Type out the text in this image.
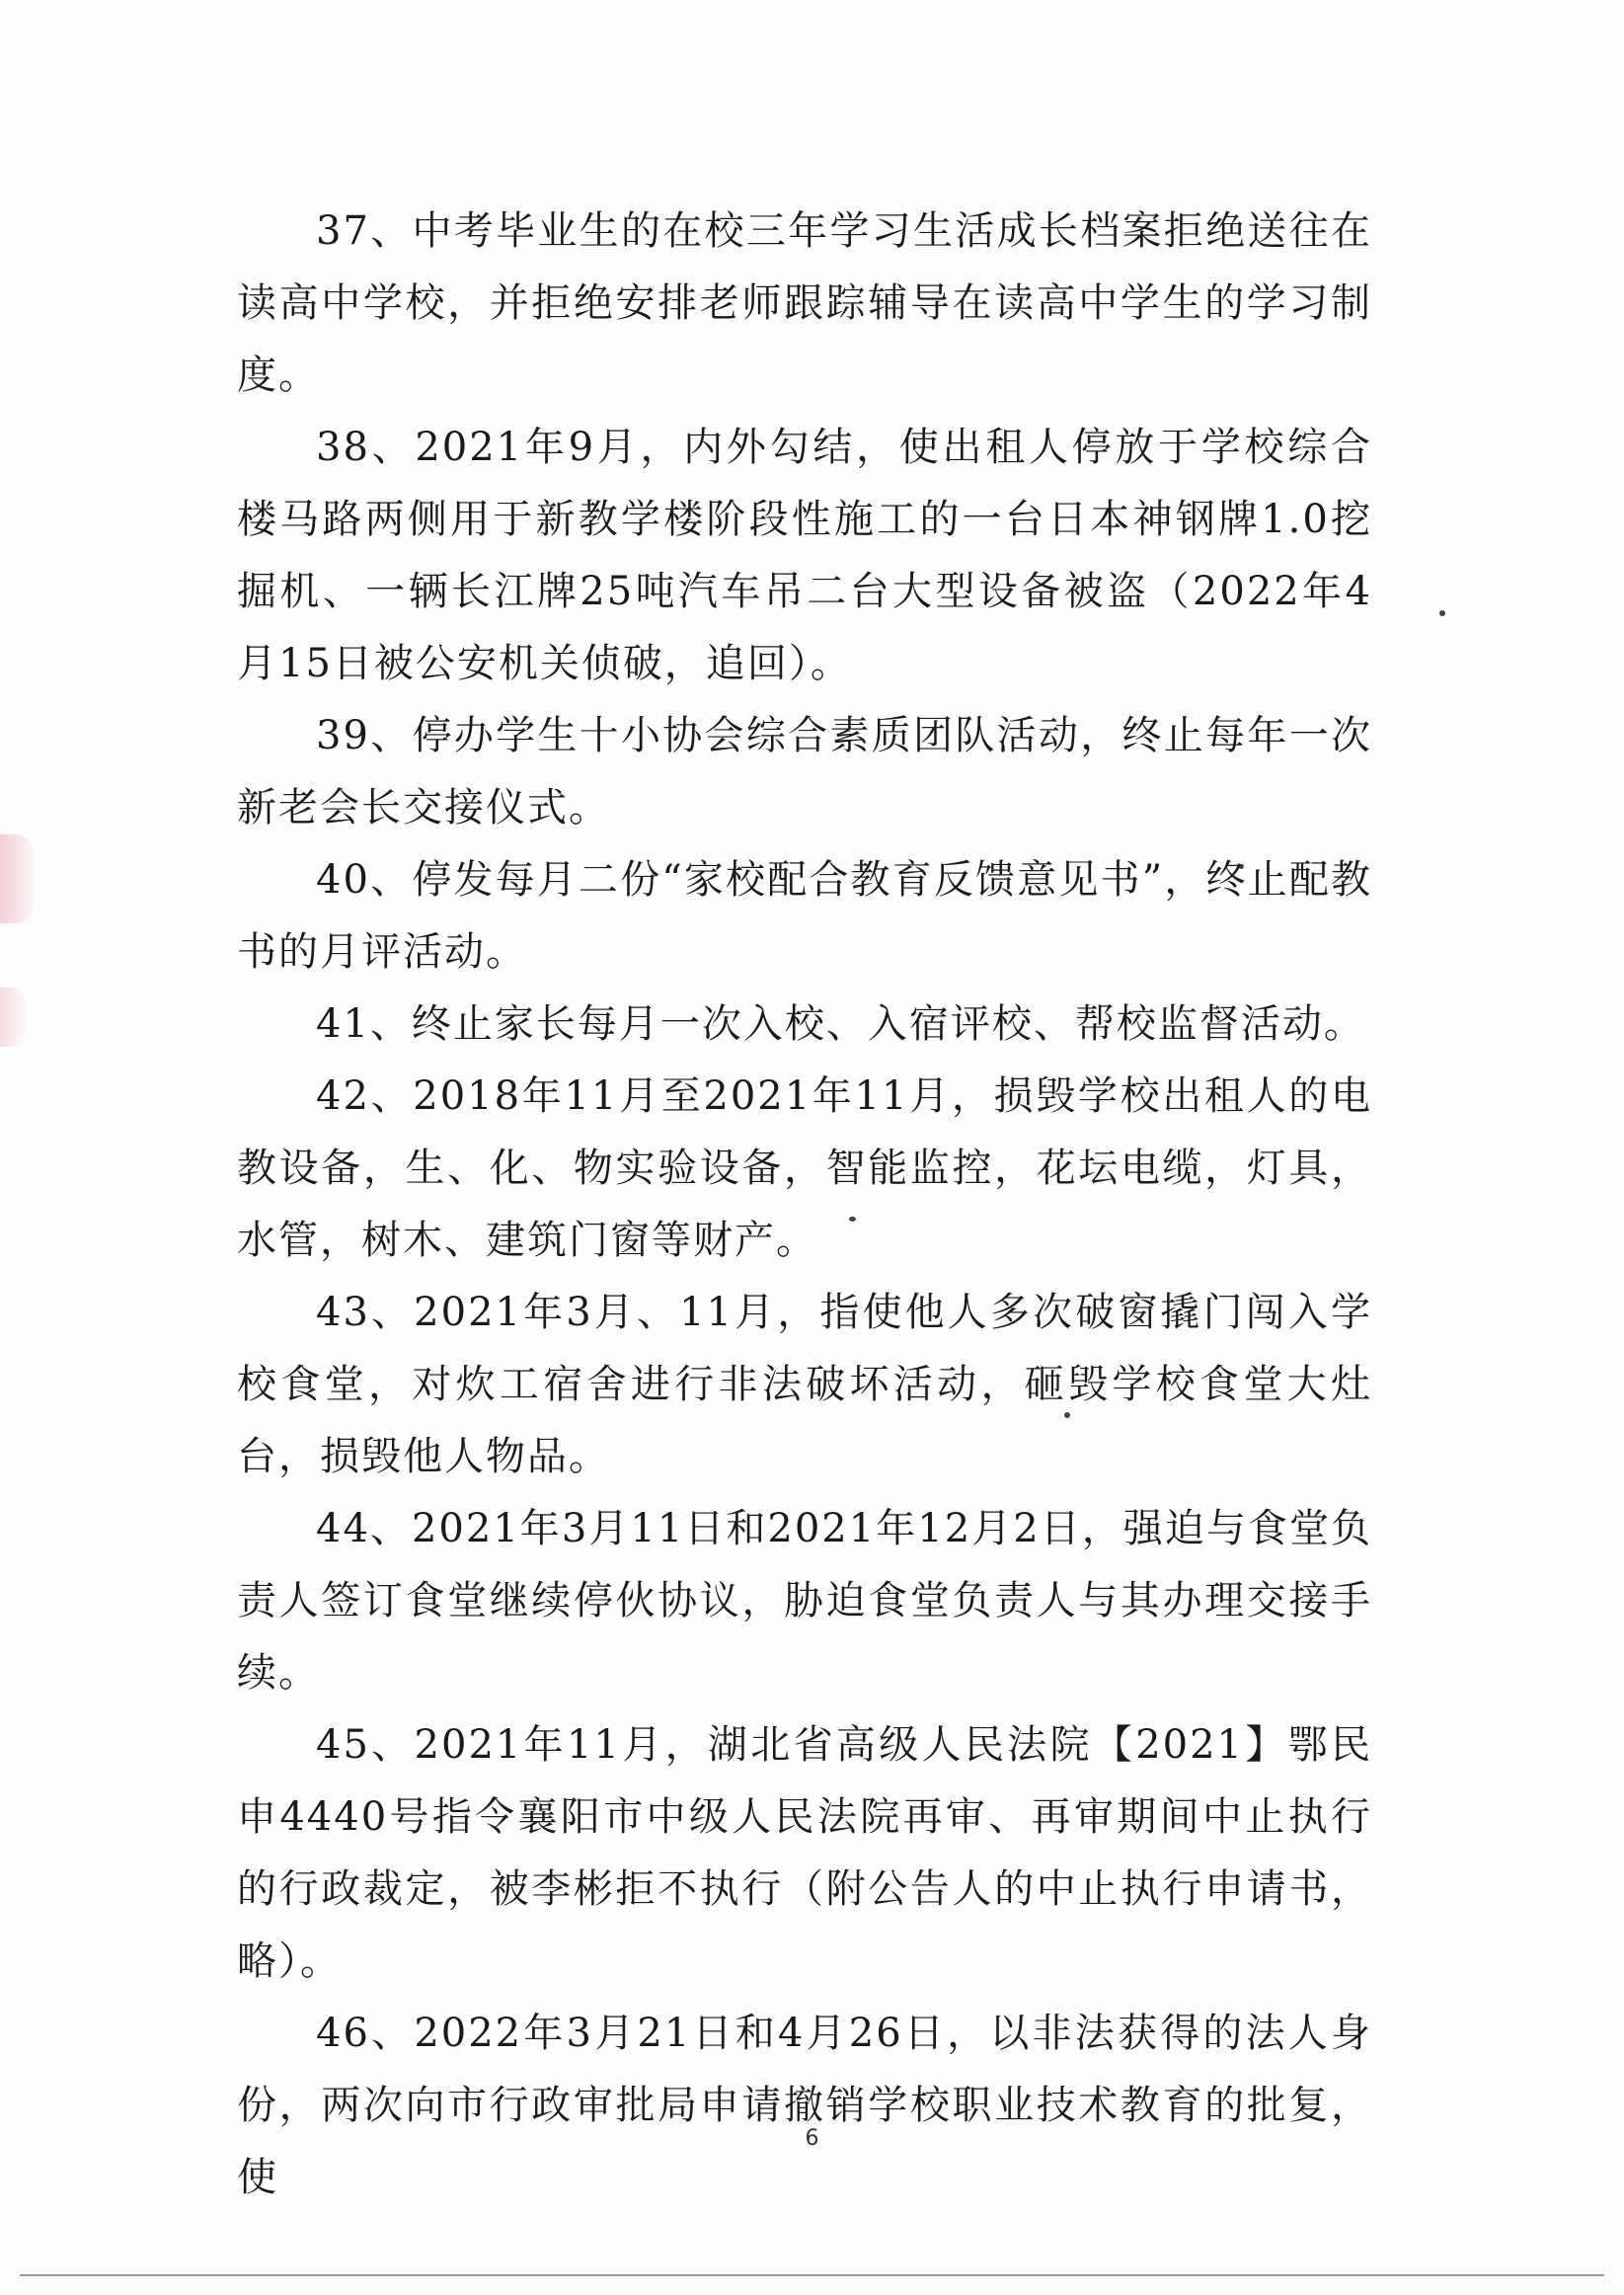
37、中考毕业生的在校三年学习生活成长档案拒绝送往在读高中学校，并拒绝安排老师跟踪辅导在读高中学生的学习制度。

38、2021年9月，内外勾结，使出租人停放于学校综合楼马路两侧用于新教学楼阶段性施工的一台日本神钢牌1.0挖掘机、一辆长江牌25吨汽车吊二台大型设备被盗（2022年4月15日被公安机关侦破，追回）。

39、停办学生十小协会综合素质团队活动，终止每年一次新老会长交接仪式。

40、停发每月二份“家校配合教育反馈意见书”，终止配教书的月评活动。

41、终止家长每月一次入校、入宿评校、帮校监督活动。

42、2018年11月至2021年11月，损毁学校出租人的电教设备，生、化、物实验设备，智能监控，花坛电缆，灯具，水管，树木、建筑门窗等财产。

43、2021年3月、11月，指使他人多次破窗撬门闯入学校食堂，对炊工宿舍进行非法破坏活动，砸毁学校食堂大灶台，损毁他人物品。

44、2021年3月11日和2021年12月2日，强迫与食堂负责人签订食堂继续停伙协议，胁迫食堂负责人与其办理交接手续。

45、2021年11月，湖北省高级人民法院【2021】鄂民申4440号指令襄阳市中级人民法院再审、再审期间中止执行的行政裁定，被李彬拒不执行（附公告人的中止执行申请书，略）。

46、2022年3月21日和4月26日，以非法获得的法人身份，两次向市行政审批局申请撤销学校职业技术教育的批复，使

6
